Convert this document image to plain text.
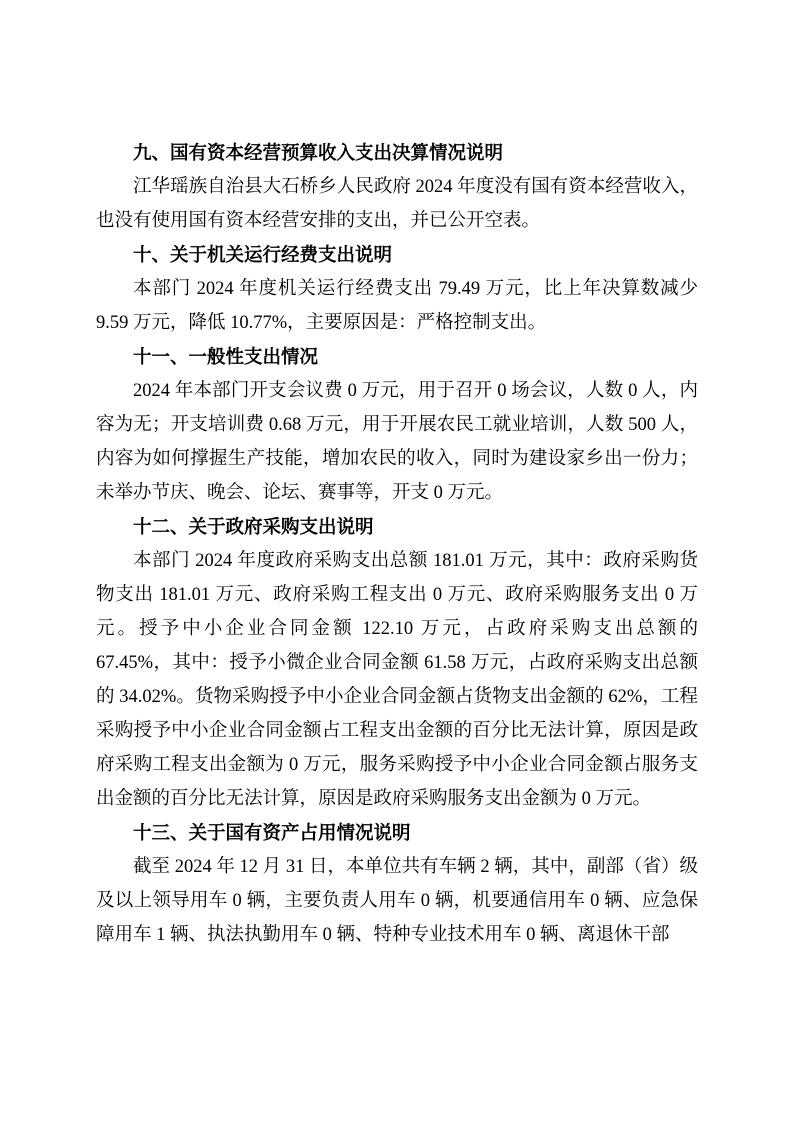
九、国有资本经营预算收入支出决算情况说明

江华瑶族自治县大石桥乡人民政府 2024 年度没有国有资本经营收入，也没有使用国有资本经营安排的支出，并已公开空表。

十、关于机关运行经费支出说明

本部门 2024 年度机关运行经费支出 79.49 万元，比上年决算数减少 9.59 万元，降低 10.77%，主要原因是：严格控制支出。

十一、一般性支出情况

2024 年本部门开支会议费 0 万元，用于召开 0 场会议，人数 0 人，内容为无；开支培训费 0.68 万元，用于开展农民工就业培训，人数 500 人，内容为如何撑握生产技能，增加农民的收入，同时为建设家乡出一份力；未举办节庆、晚会、论坛、赛事等，开支 0 万元。

十二、关于政府采购支出说明

本部门 2024 年度政府采购支出总额 181.01 万元，其中：政府采购货物支出 181.01 万元、政府采购工程支出 0 万元、政府采购服务支出 0 万元。授予中小企业合同金额 122.10 万元，占政府采购支出总额的 67.45%，其中：授予小微企业合同金额 61.58 万元，占政府采购支出总额的 34.02%。货物采购授予中小企业合同金额占货物支出金额的 62%，工程采购授予中小企业合同金额占工程支出金额的百分比无法计算，原因是政府采购工程支出金额为 0 万元，服务采购授予中小企业合同金额占服务支出金额的百分比无法计算，原因是政府采购服务支出金额为 0 万元。

十三、关于国有资产占用情况说明

截至 2024 年 12 月 31 日，本单位共有车辆 2 辆，其中，副部（省）级及以上领导用车 0 辆，主要负责人用车 0 辆，机要通信用车 0 辆、应急保障用车 1 辆、执法执勤用车 0 辆、特种专业技术用车 0 辆、离退休干部
